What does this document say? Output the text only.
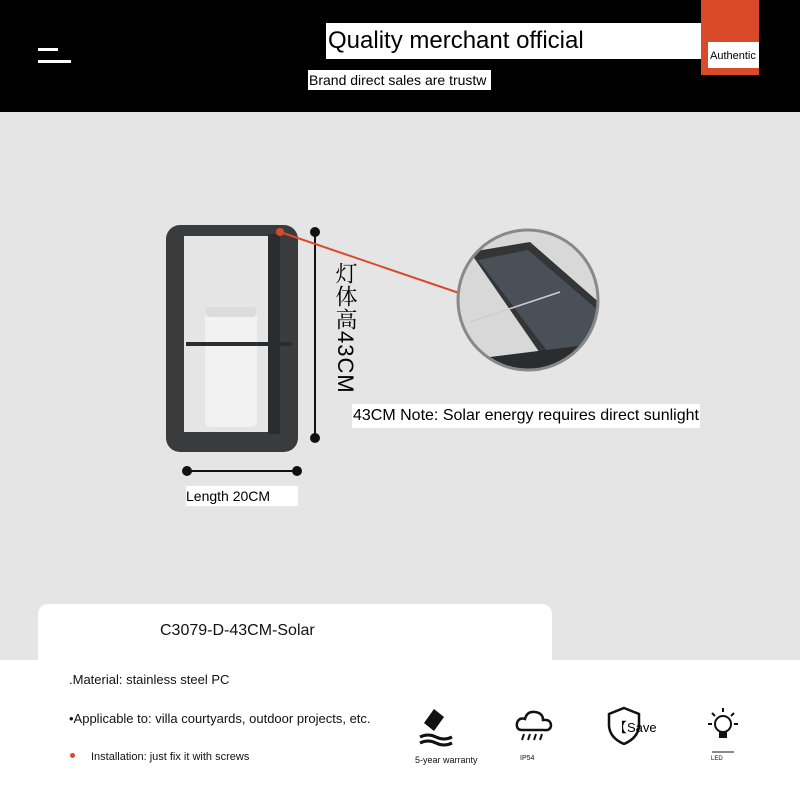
Quality merchant official
Brand direct sales are trustw
Authentic
灯体高43CM
43CM Note: Solar energy requires direct sunlight
Length 20CM
C3079-D-43CM-Solar
.Material: stainless steel PC
•Applicable to: villa courtyards, outdoor projects, etc.
Installation: just fix it with screws	5-year warranty	IP54
【Save
LED
